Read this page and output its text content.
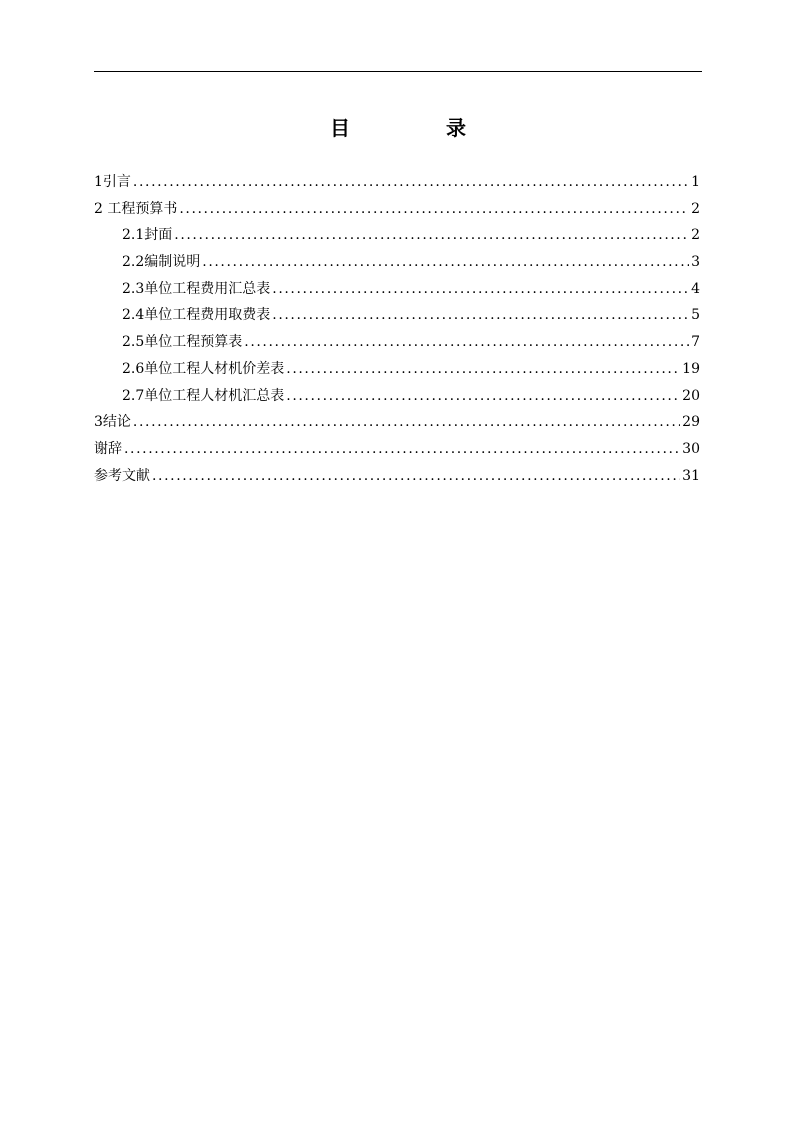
目　录
1引言 .....	1
2 工程预算书 .....	2
2.1封面 .....	2
2.2编制说明 .....	3
2.3单位工程费用汇总表 .....	4
2.4单位工程费用取费表 .....	5
2.5单位工程预算表 .....	7
2.6单位工程人材机价差表 .....	19
2.7单位工程人材机汇总表 .....	20
3结论 .....	29
谢辞 .....	30
参考文献 .....	31
